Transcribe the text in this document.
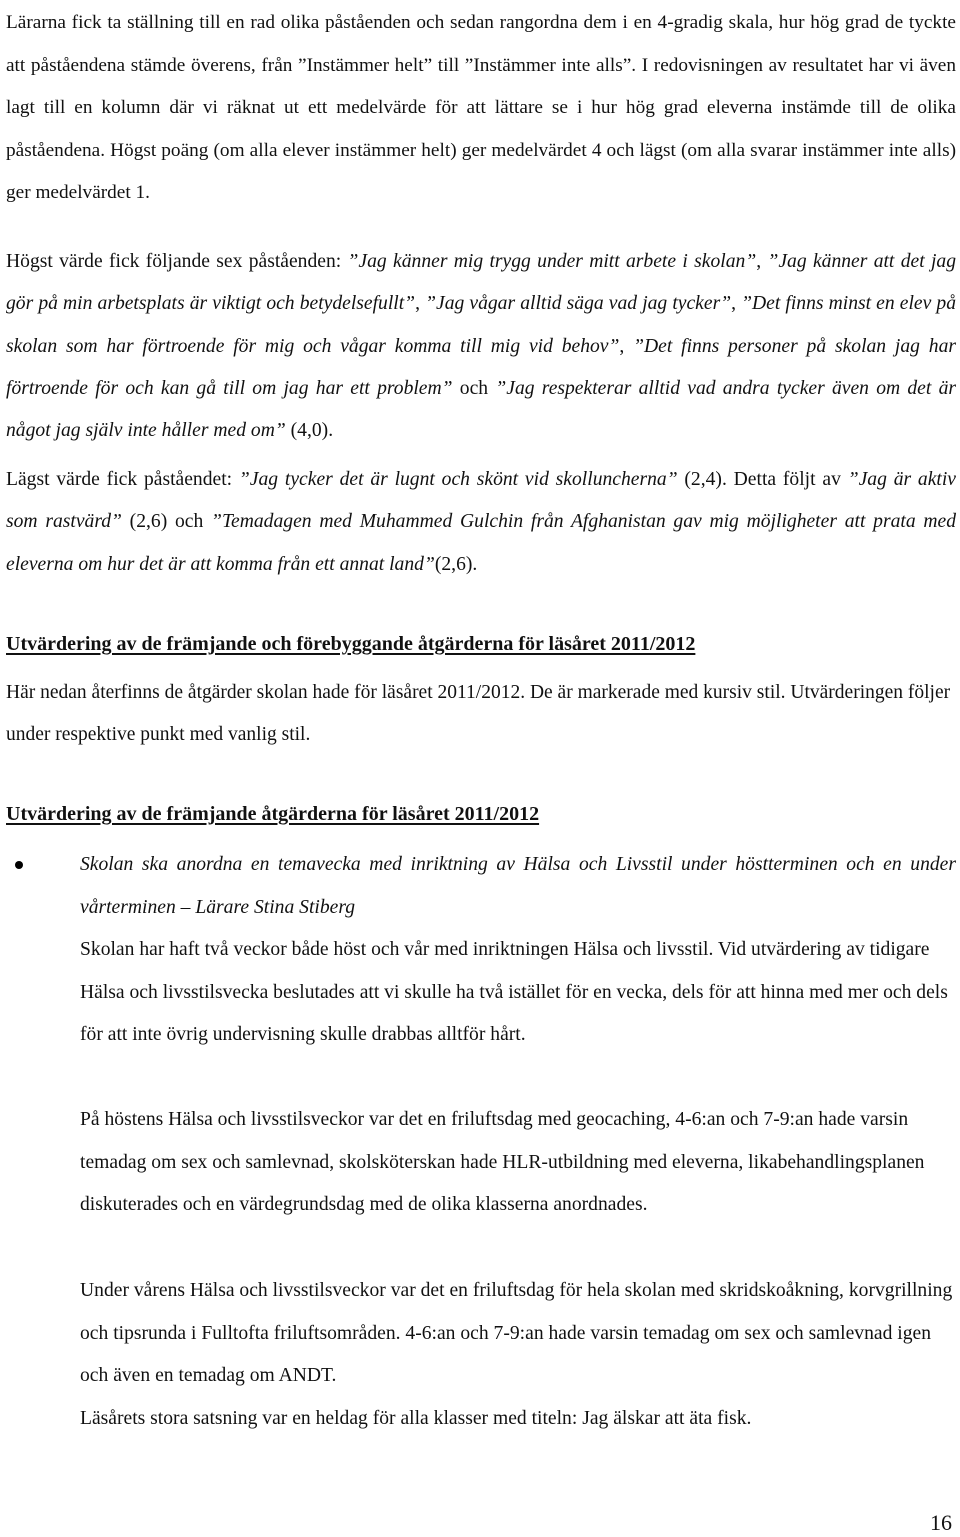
Lärarna fick ta ställning till en rad olika påståenden och sedan rangordna dem i en 4-gradig skala, hur hög grad de tyckte att påståendena stämde överens, från ”Instämmer helt” till ”Instämmer inte alls”. I redovisningen av resultatet har vi även lagt till en kolumn där vi räknat ut ett medelvärde för att lättare se i hur hög grad eleverna instämde till de olika påståendena. Högst poäng (om alla elever instämmer helt) ger medelvärdet 4 och lägst (om alla svarar instämmer inte alls) ger medelvärdet 1.

Högst värde fick följande sex påståenden: ”Jag känner mig trygg under mitt arbete i skolan”, ”Jag känner att det jag gör på min arbetsplats är viktigt och betydelsefullt”, ”Jag vågar alltid säga vad jag tycker”, ”Det finns minst en elev på skolan som har förtroende för mig och vågar komma till mig vid behov”, ”Det finns personer på skolan jag har förtroende för och kan gå till om jag har ett problem” och ”Jag respekterar alltid vad andra tycker även om det är något jag själv inte håller med om” (4,0).

Lägst värde fick påståendet: ”Jag tycker det är lugnt och skönt vid skolluncherna” (2,4). Detta följt av ”Jag är aktiv som rastvärd” (2,6) och ”Temadagen med Muhammed Gulchin från Afghanistan gav mig möjligheter att prata med eleverna om hur det är att komma från ett annat land”(2,6).

Utvärdering av de främjande och förebyggande åtgärderna för läsåret 2011/2012

Här nedan återfinns de åtgärder skolan hade för läsåret 2011/2012. De är markerade med kursiv stil. Utvärderingen följer under respektive punkt med vanlig stil.

Utvärdering av de främjande åtgärderna för läsåret 2011/2012

Skolan ska anordna en temavecka med inriktning av Hälsa och Livsstil under höstterminen och en under vårterminen – Lärare Stina Stiberg

Skolan har haft två veckor både höst och vår med inriktningen Hälsa och livsstil. Vid utvärdering av tidigare Hälsa och livsstilsvecka beslutades att vi skulle ha två istället för en vecka, dels för att hinna med mer och dels för att inte övrig undervisning skulle drabbas alltför hårt.

På höstens Hälsa och livsstilsveckor var det en friluftsdag med geocaching, 4-6:an och 7-9:an hade varsin temadag om sex och samlevnad, skolsköterskan hade HLR-utbildning med eleverna, likabehandlingsplanen diskuterades och en värdegrundsdag med de olika klasserna anordnades.

Under vårens Hälsa och livsstilsveckor var det en friluftsdag för hela skolan med skridskoåkning, korvgrillning och tipsrunda i Fulltofta friluftsområden. 4-6:an och 7-9:an hade varsin temadag om sex och samlevnad igen och även en temadag om ANDT.

Läsårets stora satsning var en heldag för alla klasser med titeln: Jag älskar att äta fisk.

16
